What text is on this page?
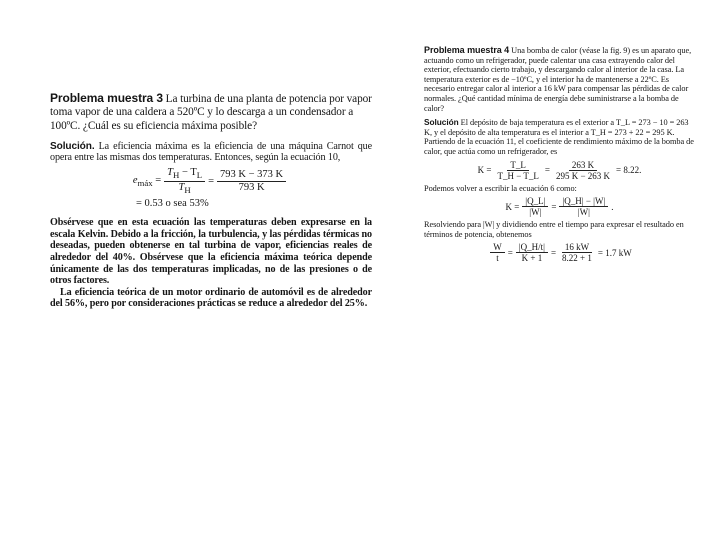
Problema muestra 3 La turbina de una planta de potencia por vapor toma vapor de una caldera a 520ºC y lo descarga a un condensador a 100ºC. ¿Cuál es su eficiencia máxima posible?

Solución. La eficiencia máxima es la eficiencia de una máquina Carnot que opera entre las mismas dos temperaturas. Entonces, según la ecuación 10,

$e_{máx} = \frac{T_H - T_L}{T_H} = \frac{793 K - 373 K}{793 K}$
= 0.53 o sea 53%

Obsérvese que en esta ecuación las temperaturas deben expresarse en la escala Kelvin. Debido a la fricción, la turbulencia, y las pérdidas térmicas no deseadas, pueden obtenerse en tal turbina de vapor, eficiencias reales de alrededor del 40%. Obsérvese que la eficiencia máxima teórica depende únicamente de las dos temperaturas implicadas, no de las presiones o de otros factores.

La eficiencia teórica de un motor ordinario de automóvil es de alrededor del 56%, pero por consideraciones prácticas se reduce a alrededor del 25%.

Problema muestra 4 Una bomba de calor (véase la fig. 9) es un aparato que, actuando como un refrigerador, puede calentar una casa extrayendo calor del exterior, efectuando cierto trabajo, y descargando calor al interior de la casa. La temperatura exterior es de −10ºC, y el interior ha de mantenerse a 22ºC. Es necesario entregar calor al interior a 16 kW para compensar las pérdidas de calor normales. ¿Qué cantidad mínima de energía debe suministrarse a la bomba de calor?

Solución El depósito de baja temperatura es el exterior a T_L = 273 − 10 = 263 K, y el depósito de alta temperatura es el interior a T_H = 273 + 22 = 295 K. Partiendo de la ecuación 11, el coeficiente de rendimiento máximo de la bomba de calor, que actúa como un refrigerador, es

$K = \frac{T\_L}{T\_H - T\_L} = \frac{263 K}{295 K - 263 K} = 8.22$.

Podemos volver a escribir la ecuación 6 como:

$K = \frac{|Q\_L|}{|W|} = \frac{|Q\_H| - |W|}{|W|}$ .

Resolviendo para |W| y dividiendo entre el tiempo para expresar el resultado en términos de potencia, obtenemos

$\frac{W}{t} = \frac{|Q\_H/t|}{K + 1} = \frac{16 kW}{8.22 + 1} = 1.7$ kW
